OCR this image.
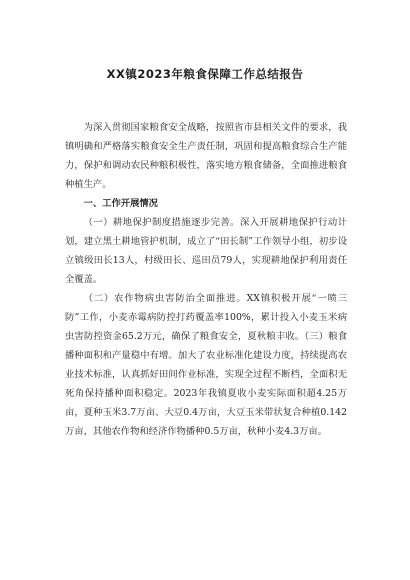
XX镇2023年粮食保障工作总结报告

为深入贯彻国家粮食安全战略，按照省市县相关文件的要求，我镇明确和严格落实粮食安全生产责任制，巩固和提高粮食综合生产能力，保护和调动农民种粮积极性，落实地方粮食储备，全面推进粮食种植生产。

一、工作开展情况

（一）耕地保护制度措施逐步完善。深入开展耕地保护行动计划，建立黑土耕地管护机制，成立了“田长制”工作领导小组，初步设立镇级田长13人，村级田长、巡田员79人，实现耕地保护利用责任全覆盖。

（二）农作物病虫害防治全面推进。XX镇积极开展“一喷三防”工作，小麦赤霉病防控打药覆盖率100%，累计投入小麦玉米病虫害防控资金65.2万元，确保了粮食安全，夏秋粮丰收。（三）粮食播种面积和产量稳中有增。加大了农业标准化建设力度，持续提高农业技术标准，认真抓好田间作业标准，实现全过程不断档，全面积无死角保持播种面积稳定。2023年我镇夏收小麦实际面积超4.25万亩，夏种玉米3.7万亩、大豆0.4万亩，大豆玉米带状复合种植0.142万亩，其他农作物和经济作物播种0.5万亩，秋种小麦4.3万亩。
